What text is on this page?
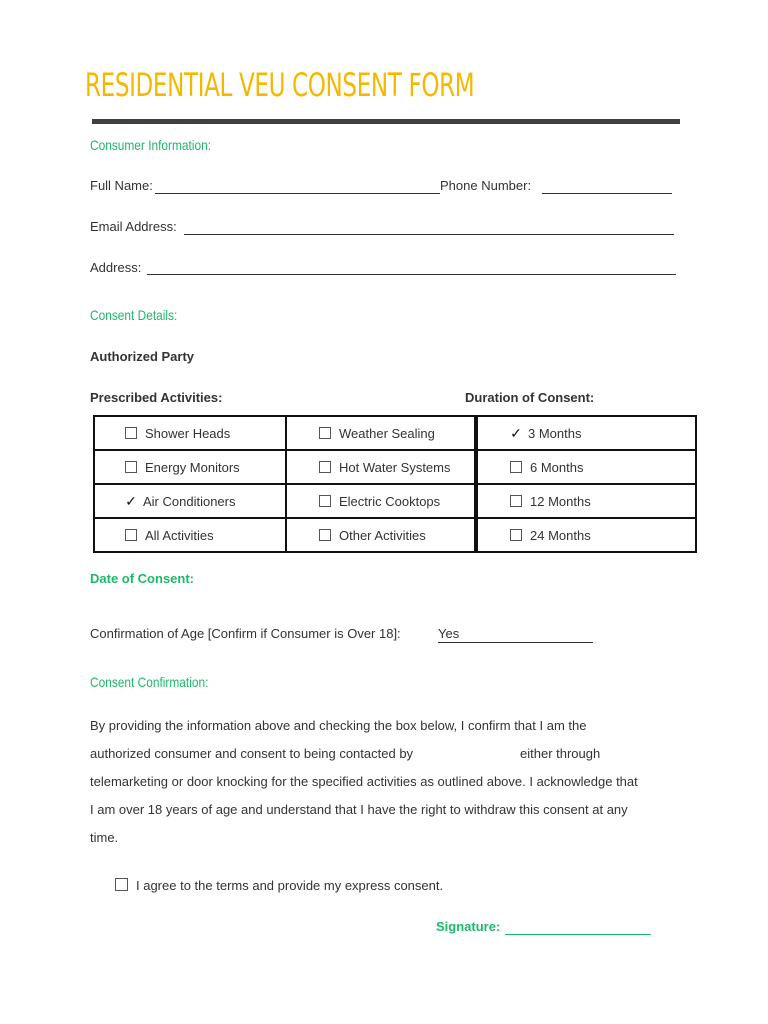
RESIDENTIAL VEU CONSENT FORM
Consumer Information:
Full Name:	Phone Number:
Email Address:
Address:
Consent Details:
Authorized Party
Prescribed Activities:	Duration of Consent:
Shower Heads	Weather Sealing		✓ 3 Months
Energy Monitors	Hot Water Systems		6 Months
✓ Air Conditioners	Electric Cooktops		12 Months
All Activities	Other Activities		24 Months
Date of Consent:
Confirmation of Age [Confirm if Consumer is Over 18]:	Yes
Consent Confirmation:
By providing the information above and checking the box below, I confirm that I am the
authorized consumer and consent to being contacted by	either through
telemarketing or door knocking for the specified activities as outlined above. I acknowledge that
I am over 18 years of age and understand that I have the right to withdraw this consent at any
time.
I agree to the terms and provide my express consent.
Signature:
